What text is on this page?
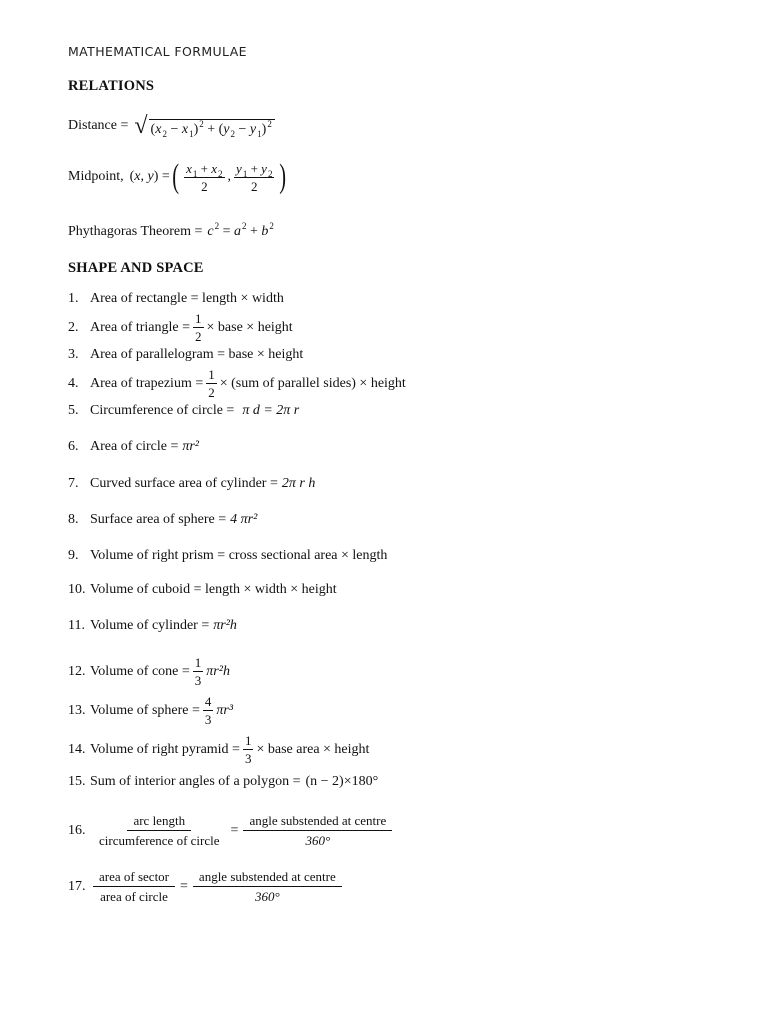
MATHEMATICAL FORMULAE
RELATIONS
Distance = √ $(x_2 - x_1)^2 + (y_2 - y_1)^2$
Midpoint, (x, y) = ( $\frac{x_1 + x_2}{2}$ , $\frac{y_1 + y_2}{2}$ )
Phythagoras Theorem = $c^2 = a^2 + b^2$
SHAPE AND SPACE
1. Area of rectangle = length × width
2. Area of triangle = $\frac{1}{2}$ × base × height
3. Area of parallelogram = base × height
4. Area of trapezium = $\frac{1}{2} \times (sum$ of parallel sides) × height
5. Circumference of circle = π d = 2π r
6. Area of circle = πr²
7. Curved surface area of cylinder = 2π r h
8. Surface area of sphere = 4 πr²
9. Volume of right prism = cross sectional area × length
10. Volume of cuboid = length × width × height
11. Volume of cylinder = πr²h
12. Volume of cone = $\frac{1}{3} \pi r^2h$
13. Volume of sphere = $\frac{4}{3} \pi r^3$
14. Volume of right pyramid = $\frac{1}{3}$ × base area × height
15. Sum of interior angles of a polygon = (n − 2)×180°
16. $\frac{\text{arc length}}{\text{circumference of circle}} = \frac{\text{angle substended at centre}}{360^\circ}$
17. $\frac{\text{area of sector}}{\text{area of circle}} = \frac{\text{angle substended at centre}}{360^\circ}$
